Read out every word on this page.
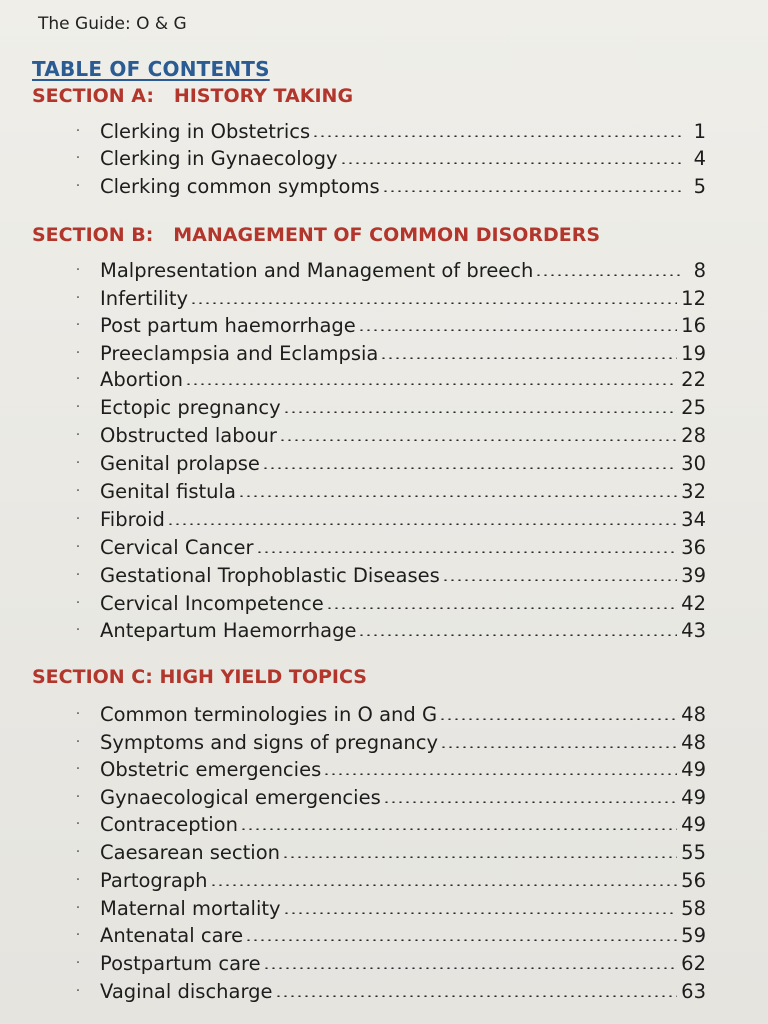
The Guide: O & G
TABLE OF CONTENTS
SECTION A: HISTORY TAKING
·	Clerking in Obstetrics	1
·	Clerking in Gynaecology	4
·	Clerking common symptoms	5
SECTION B: MANAGEMENT OF COMMON DISORDERS
·	Malpresentation and Management of breech	8
·	Infertility	12
·	Post partum haemorrhage	16
·	Preeclampsia and Eclampsia	19
·	Abortion	22
·	Ectopic pregnancy	25
·	Obstructed labour	28
·	Genital prolapse	30
·	Genital fistula	32
·	Fibroid	34
·	Cervical Cancer	36
·	Gestational Trophoblastic Diseases	39
·	Cervical Incompetence	42
·	Antepartum Haemorrhage	43
SECTION C: HIGH YIELD TOPICS
·	Common terminologies in O and G	48
·	Symptoms and signs of pregnancy	48
·	Obstetric emergencies	49
·	Gynaecological emergencies	49
·	Contraception	49
·	Caesarean section	55
·	Partograph	56
·	Maternal mortality	58
·	Antenatal care	59
·	Postpartum care	62
·	Vaginal discharge	63
